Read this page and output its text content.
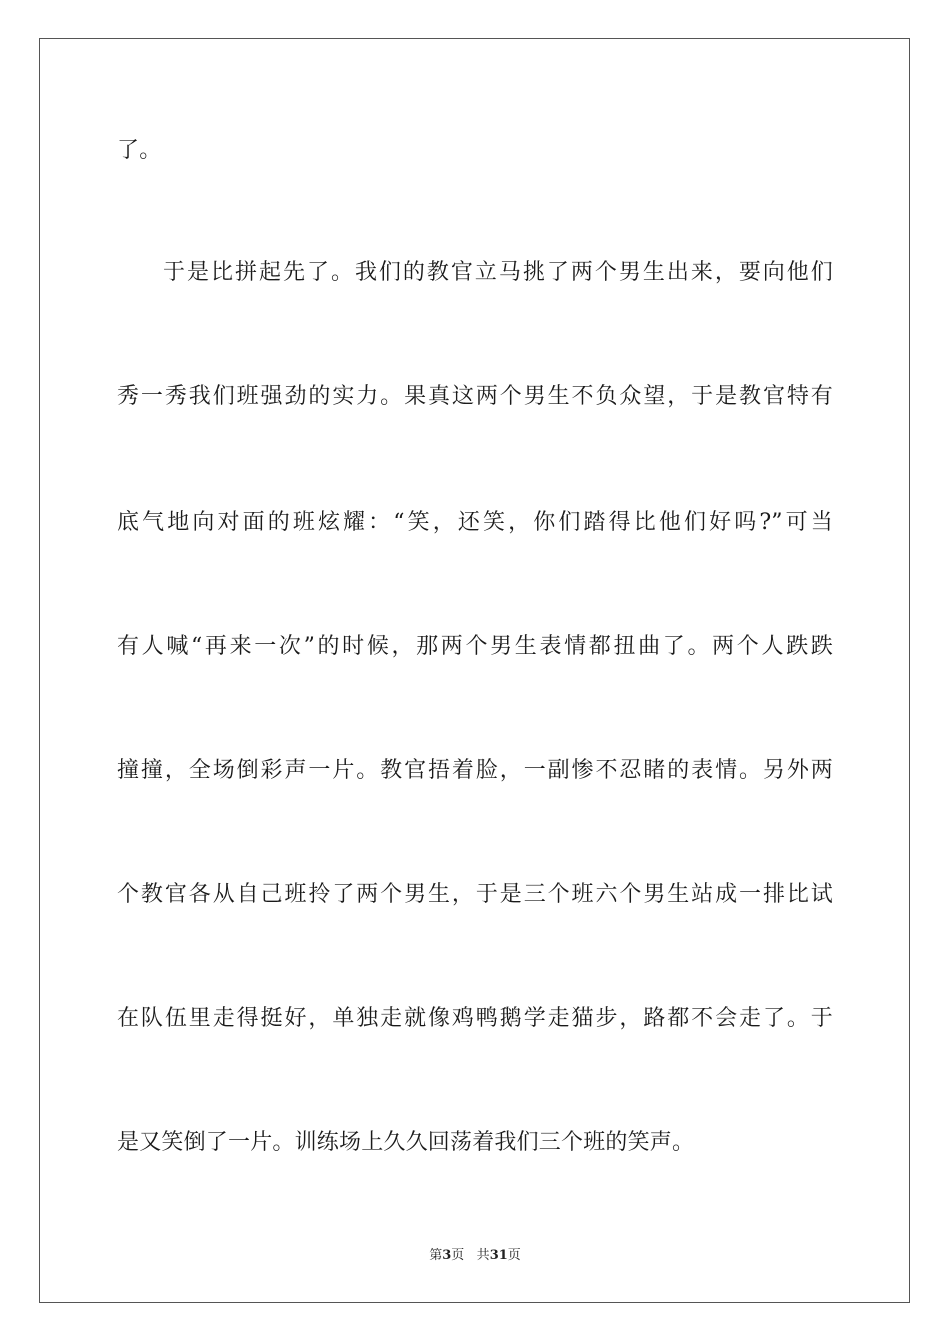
了。
于是比拼起先了。我们的教官立马挑了两个男生出来，要向他们
秀一秀我们班强劲的实力。果真这两个男生不负众望，于是教官特有
底气地向对面的班炫耀：“笑，还笑，你们踏得比他们好吗?”可当
有人喊“再来一次”的时候，那两个男生表情都扭曲了。两个人跌跌
撞撞，全场倒彩声一片。教官捂着脸，一副惨不忍睹的表情。另外两
个教官各从自己班拎了两个男生，于是三个班六个男生站成一排比试
在队伍里走得挺好，单独走就像鸡鸭鹅学走猫步，路都不会走了。于
是又笑倒了一片。训练场上久久回荡着我们三个班的笑声。
第3页 共31页
